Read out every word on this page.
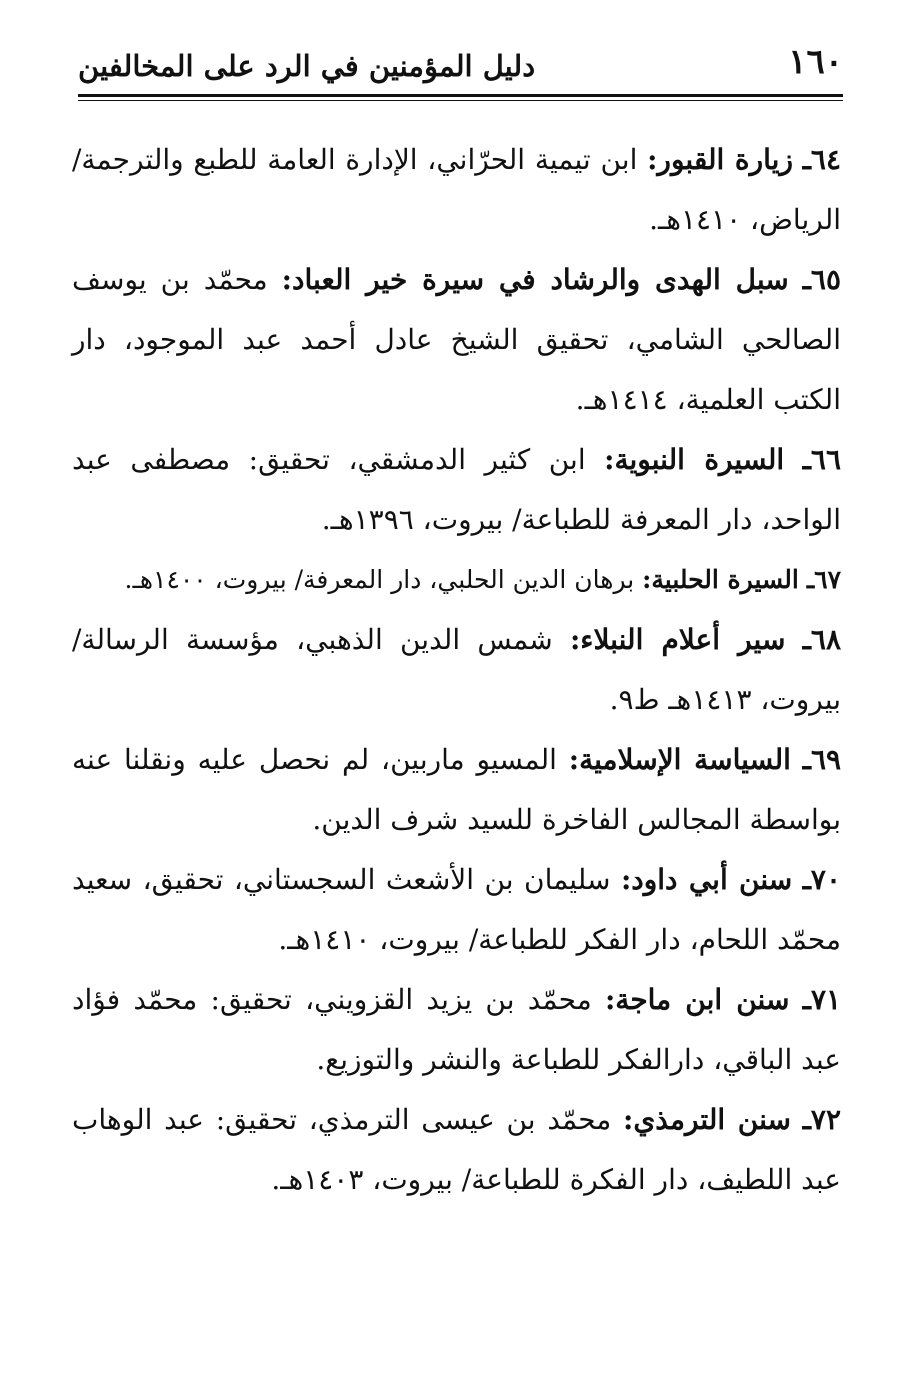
١٦٠
دليل المؤمنين في الرد على المخالفين

٦٤ـ زيارة القبور: ابن تيمية الحرّاني، الإدارة العامة للطبع والترجمة/ الرياض، ١٤١٠هـ.

٦٥ـ سبل الهدى والرشاد في سيرة خير العباد: محمّد بن يوسف الصالحي الشامي، تحقيق الشيخ عادل أحمد عبد الموجود، دار الكتب العلمية، ١٤١٤هـ.

٦٦ـ السيرة النبوية: ابن كثير الدمشقي، تحقيق: مصطفى عبد الواحد، دار المعرفة للطباعة/ بيروت، ١٣٩٦هـ.

٦٧ـ السيرة الحلبية: برهان الدين الحلبي، دار المعرفة/ بيروت، ١٤٠٠هـ.

٦٨ـ سير أعلام النبلاء: شمس الدين الذهبي، مؤسسة الرسالة/ بيروت، ١٤١٣هـ ط٩.

٦٩ـ السياسة الإسلامية: المسيو ماربين، لم نحصل عليه ونقلنا عنه بواسطة المجالس الفاخرة للسيد شرف الدين.

٧٠ـ سنن أبي داود: سليمان بن الأشعث السجستاني، تحقيق، سعيد محمّد اللحام، دار الفكر للطباعة/ بيروت، ١٤١٠هـ.

٧١ـ سنن ابن ماجة: محمّد بن يزيد القزويني، تحقيق: محمّد فؤاد عبد الباقي، دارالفكر للطباعة والنشر والتوزيع.

٧٢ـ سنن الترمذي: محمّد بن عيسى الترمذي، تحقيق: عبد الوهاب عبد اللطيف، دار الفكرة للطباعة/ بيروت، ١٤٠٣هـ.
